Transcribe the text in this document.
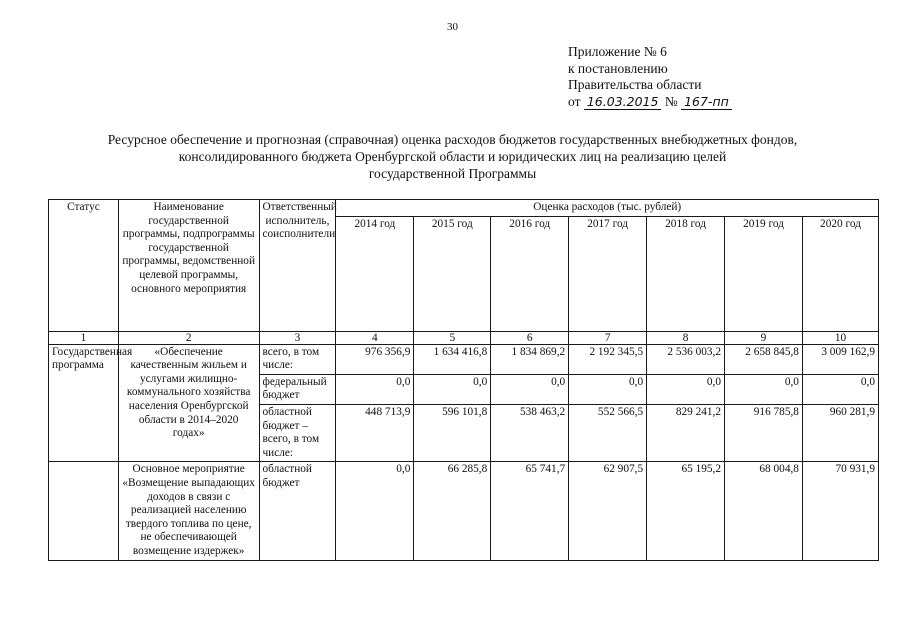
30
Приложение № 6
к постановлению
Правительства области
от 16.03.2015 № 167-пп
Ресурсное обеспечение и прогнозная (справочная) оценка расходов бюджетов государственных внебюджетных фондов,
консолидированного бюджета Оренбургской области и юридических лиц на реализацию целей
государственной Программы
Статус	Наименование государственной программы, подпрограммы государственной программы, ведомственной целевой программы, основного мероприятия	Ответственный исполнитель, соисполнители	Оценка расходов (тыс. рублей)						
			2014 год	2015 год	2016 год	2017 год	2018 год	2019 год	2020 год
1	2	3	4	5	6	7	8	9	10
Государственная программа	«Обеспечение качественным жильем и услугами жилищно-коммунального хозяйства населения Оренбургской области в 2014–2020 годах»	всего, в том числе:	976 356,9	1 634 416,8	1 834 869,2	2 192 345,5	2 536 003,2	2 658 845,8	3 009 162,9
		федеральный бюджет	0,0	0,0	0,0	0,0	0,0	0,0	0,0
		областной бюджет – всего, в том числе:	448 713,9	596 101,8	538 463,2	552 566,5	829 241,2	916 785,8	960 281,9
	Основное мероприятие «Возмещение выпадающих доходов в связи с реализацией населению твердого топлива по цене, не обеспечивающей возмещение издержек»	областной бюджет	0,0	66 285,8	65 741,7	62 907,5	65 195,2	68 004,8	70 931,9
